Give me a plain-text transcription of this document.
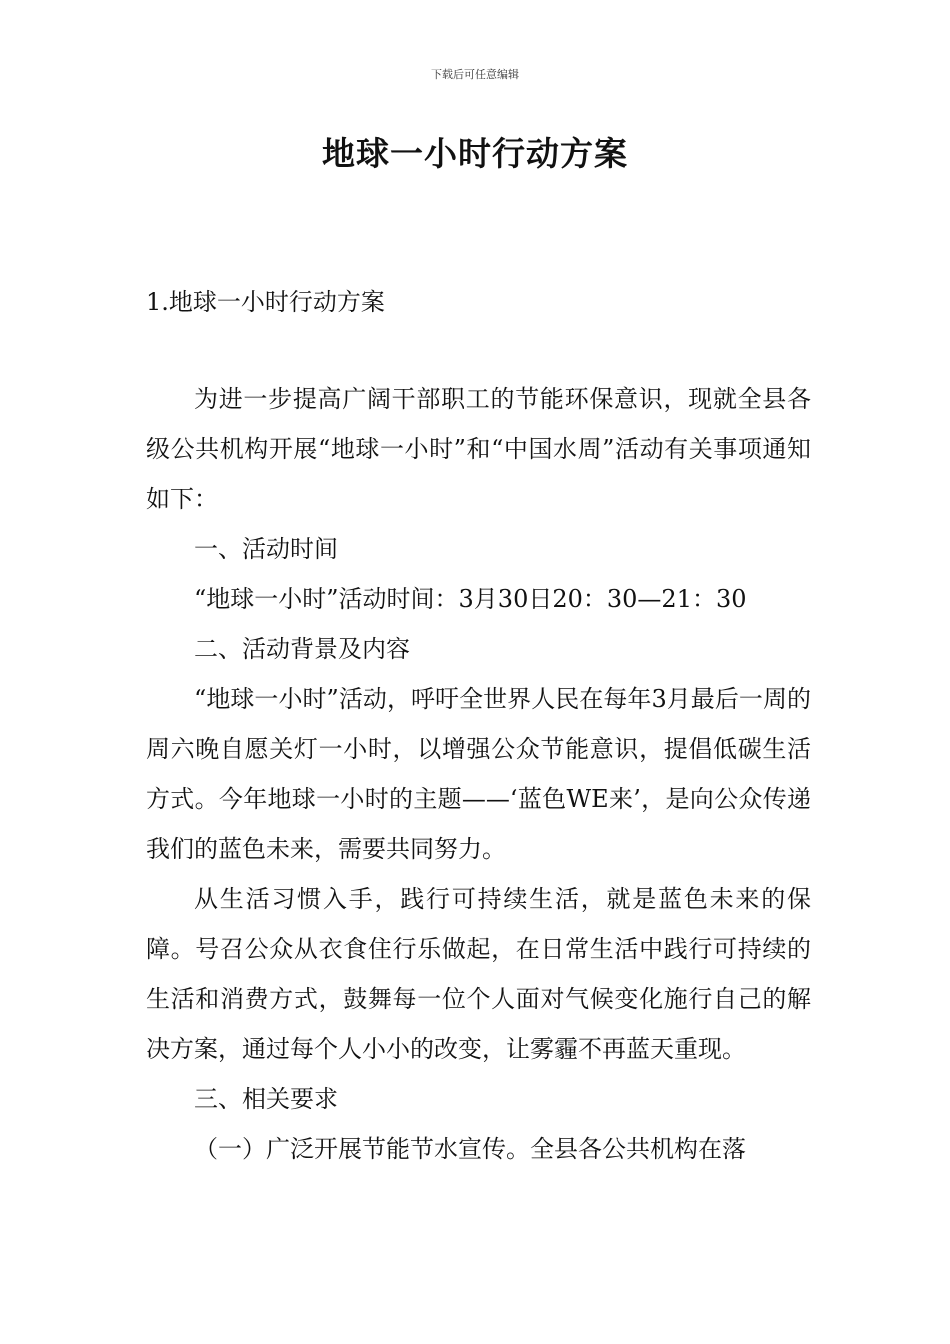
下载后可任意编辑
地球一小时行动方案
1.地球一小时行动方案

为进一步提高广阔干部职工的节能环保意识，现就全县各级公共机构开展“地球一小时”和“中国水周”活动有关事项通知如下：

一、活动时间

“地球一小时”活动时间：3月30日20：30—21：30

二、活动背景及内容

“地球一小时”活动，呼吁全世界人民在每年3月最后一周的周六晚自愿关灯一小时，以增强公众节能意识，提倡低碳生活方式。今年地球一小时的主题——‘蓝色WE来’，是向公众传递我们的蓝色未来，需要共同努力。

从生活习惯入手，践行可持续生活，就是蓝色未来的保障。号召公众从衣食住行乐做起，在日常生活中践行可持续的生活和消费方式，鼓舞每一位个人面对气候变化施行自己的解决方案，通过每个人小小的改变，让雾霾不再蓝天重现。

三、相关要求

（一）广泛开展节能节水宣传。全县各公共机构在落
